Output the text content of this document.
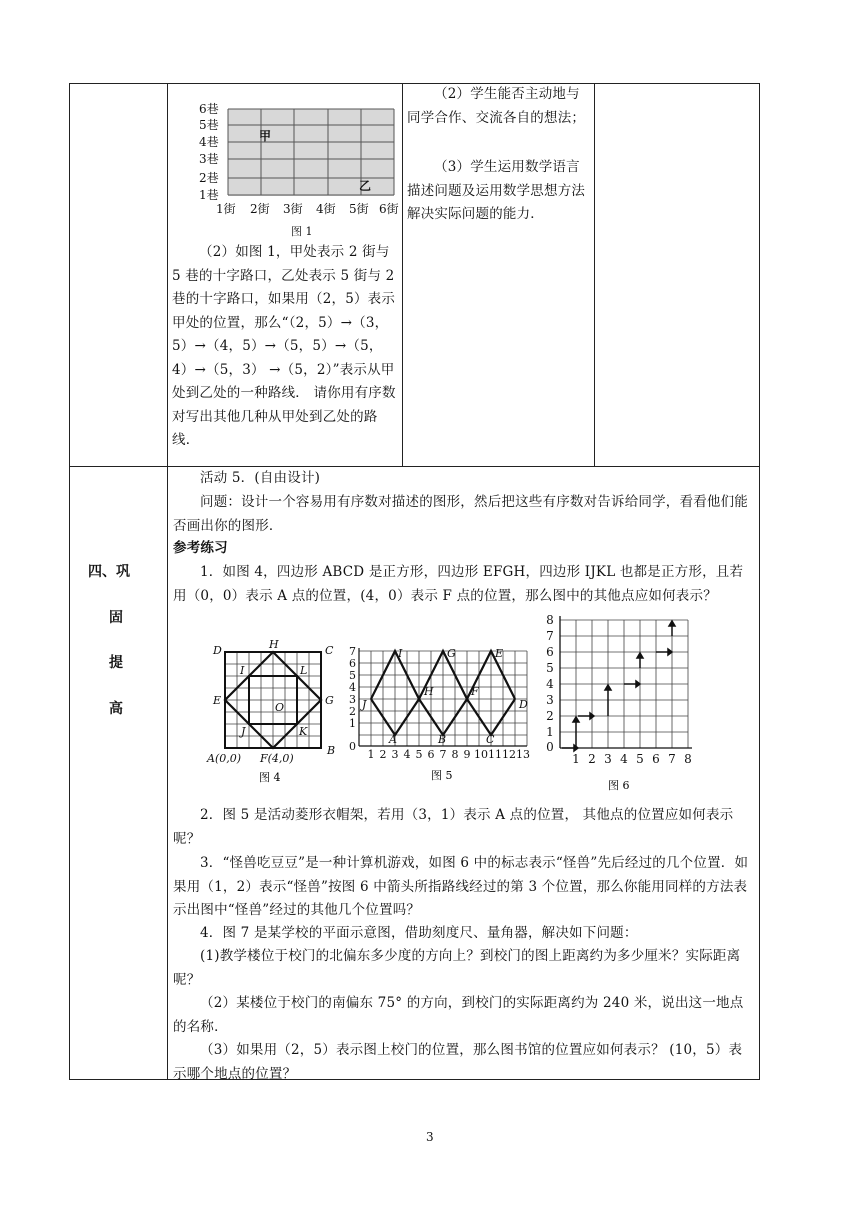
6巷
5巷
4巷
3巷
2巷
1巷
1街 2街 3街 4街 5街 6街
甲
乙
图 1
（2）如图 1，甲处表示 2 街与 5 巷的十字路口，乙处表示 5 街与 2 巷的十字路口，如果用（2，5）表示甲处的位置，那么“（2，5）→（3，5）→（4，5）→（5，5）→（5，4）→（5，3） →（5，2）”表示从甲处到乙处的一种路线． 请你用有序数对写出其他几种从甲处到乙处的路线．
（2）学生能否主动地与同学合作、交流各自的想法；
（3）学生运用数学语言描述问题及运用数学思想方法解决实际问题的能力．
四、巩
固
提
高
活动 5．(自由设计)
问题：设计一个容易用有序数对描述的图形，然后把这些有序数对告诉给同学，看看他们能否画出你的图形．
参考练习
1．如图 4，四边形 ABCD 是正方形，四边形 EFGH，四边形 IJKL 也都是正方形，且若用（0，0）表示 A 点的位置，(4，0）表示 F 点的位置，那么图中的其他点应如何表示？
D	H	C
I	L
E
O
G
J	K
A(0,0) F(4,0)
B
图 4
I	G	E
H	F
J	D
A	B	C
1 2 3 4 5 6 7 8 9 10 11 12 13
7
6
5
4
3
2
1
0
图 5
0
1 2 3 4 5 6 7 8
8
7
6
5
4
3
2
1
图 6
2．图 5 是活动菱形衣帽架，若用（3，1）表示 A 点的位置， 其他点的位置应如何表示呢？
3．“怪兽吃豆豆”是一种计算机游戏，如图 6 中的标志表示“怪兽”先后经过的几个位置．如果用（1，2）表示“怪兽”按图 6 中箭头所指路线经过的第 3 个位置，那么你能用同样的方法表示出图中“怪兽”经过的其他几个位置吗？
4．图 7 是某学校的平面示意图，借助刻度尺、量角器，解决如下问题：
(1)教学楼位于校门的北偏东多少度的方向上？到校门的图上距离约为多少厘米？实际距离呢？
（2）某楼位于校门的南偏东 75° 的方向，到校门的实际距离约为 240 米，说出这一地点的名称．
（3）如果用（2，5）表示图上校门的位置，那么图书馆的位置应如何表示？ (10，5）表示哪个地点的位置？
3
